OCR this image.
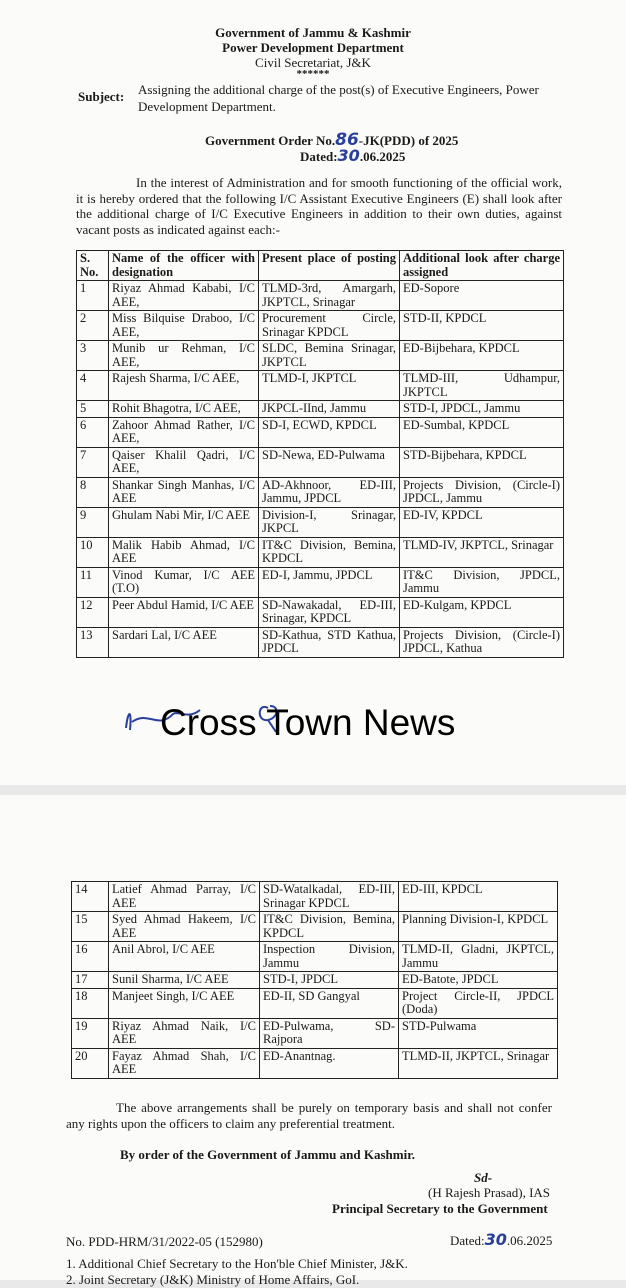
Government of Jammu & Kashmir
Power Development Department
Civil Secretariat, J&K
******
Subject: Assigning the additional charge of the post(s) of Executive Engineers, Power
Development Department.
Government Order No.86-JK(PDD) of 2025
Dated:30.06.2025
In the interest of Administration and for smooth functioning of the official work, it is hereby ordered that the following I/C Assistant Executive Engineers (E) shall look after the additional charge of I/C Executive Engineers in addition to their own duties, against vacant posts as indicated against each:-
S. No.	Name of the officer with designation	Present place of posting	Additional look after charge assigned

1	Riyaz Ahmad Kababi, I/C AEE,	TLMD-3rd, Amargarh, JKPTCL, Srinagar	ED-Sopore
2	Miss Bilquise Draboo, I/C AEE,	Procurement Circle, Srinagar KPDCL	STD-II, KPDCL
3	Munib ur Rehman, I/C AEE,	SLDC, Bemina Srinagar, JKPTCL	ED-Bijbehara, KPDCL
4	Rajesh Sharma, I/C AEE,	TLMD-I, JKPTCL	TLMD-III, Udhampur, JKPTCL
5	Rohit Bhagotra, I/C AEE,	JKPCL-IInd, Jammu	STD-I, JPDCL, Jammu
6	Zahoor Ahmad Rather, I/C AEE,	SD-I, ECWD, KPDCL	ED-Sumbal, KPDCL
7	Qaiser Khalil Qadri, I/C AEE,	SD-Newa, ED-Pulwama	STD-Bijbehara, KPDCL
8	Shankar Singh Manhas, I/C AEE	AD-Akhnoor, ED-III, Jammu, JPDCL	Projects Division, (Circle-I) JPDCL, Jammu
9	Ghulam Nabi Mir, I/C AEE	Division-I, Srinagar, JKPCL	ED-IV, KPDCL
10	Malik Habib Ahmad, I/C AEE	IT&C Division, Bemina, KPDCL	TLMD-IV, JKPTCL, Srinagar
11	Vinod Kumar, I/C AEE (T.O)	ED-I, Jammu, JPDCL	IT&C Division, JPDCL, Jammu
12	Peer Abdul Hamid, I/C AEE	SD-Nawakadal, ED-III, Srinagar, KPDCL	ED-Kulgam, KPDCL
13	Sardari Lal, I/C AEE	SD-Kathua, STD Kathua, JPDCL	Projects Division, (Circle-I) JPDCL, Kathua
Cross Town News
14	Latief Ahmad Parray, I/C AEE	SD-Watalkadal, ED-III, Srinagar KPDCL	ED-III, KPDCL
15	Syed Ahmad Hakeem, I/C AEE	IT&C Division, Bemina, KPDCL	Planning Division-I, KPDCL
16	Anil Abrol, I/C AEE	Inspection Division, Jammu	TLMD-II, Gladni, JKPTCL, Jammu
17	Sunil Sharma, I/C AEE	STD-I, JPDCL	ED-Batote, JPDCL
18	Manjeet Singh, I/C AEE	ED-II, SD Gangyal	Project Circle-II, JPDCL (Doda)
19	Riyaz Ahmad Naik, I/C AEE	ED-Pulwama, SD-Rajpora	STD-Pulwama
20	Fayaz Ahmad Shah, I/C AEE	ED-Anantnag.	TLMD-II, JKPTCL, Srinagar
The above arrangements shall be purely on temporary basis and shall not confer any rights upon the officers to claim any preferential treatment.
By order of the Government of Jammu and Kashmir.
Sd-
(H Rajesh Prasad), IAS
Principal Secretary to the Government
No. PDD-HRM/31/2022-05 (152980)	Dated:30.06.2025
1. Additional Chief Secretary to the Hon'ble Chief Minister, J&K.
2. Joint Secretary (J&K) Ministry of Home Affairs, GoI.
